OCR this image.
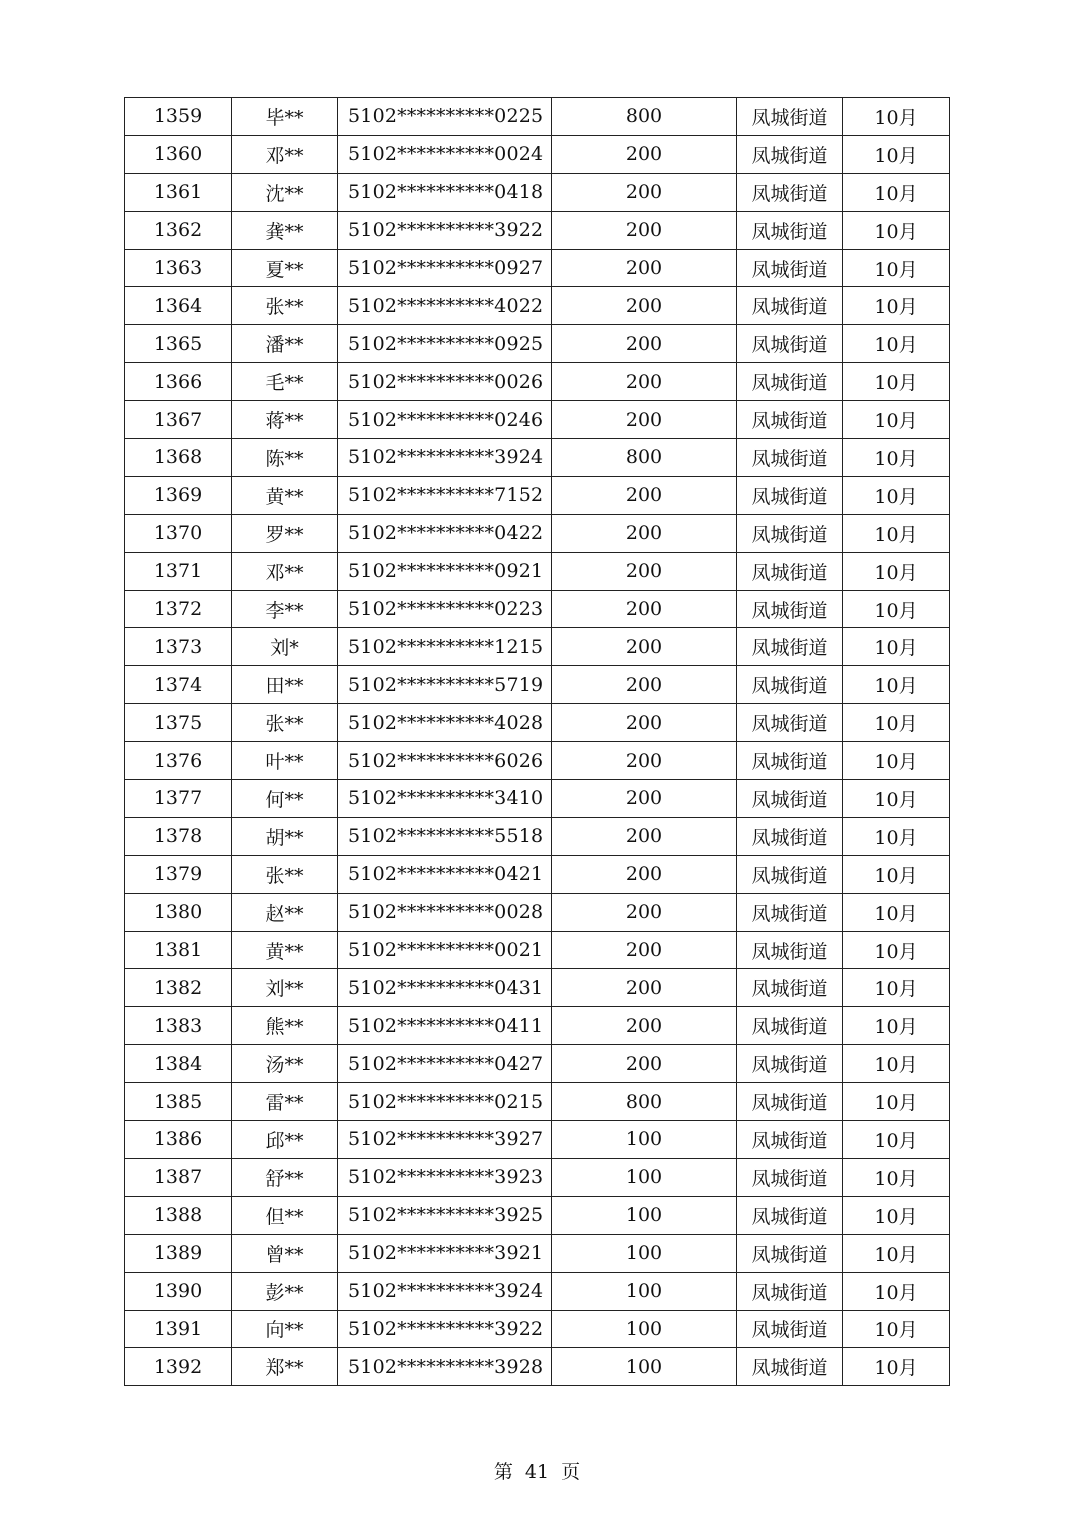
1359	毕**	5102**********0225	800	凤城街道	10月
1360	邓**	5102**********0024	200	凤城街道	10月
1361	沈**	5102**********0418	200	凤城街道	10月
1362	龚**	5102**********3922	200	凤城街道	10月
1363	夏**	5102**********0927	200	凤城街道	10月
1364	张**	5102**********4022	200	凤城街道	10月
1365	潘**	5102**********0925	200	凤城街道	10月
1366	毛**	5102**********0026	200	凤城街道	10月
1367	蒋**	5102**********0246	200	凤城街道	10月
1368	陈**	5102**********3924	800	凤城街道	10月
1369	黄**	5102**********7152	200	凤城街道	10月
1370	罗**	5102**********0422	200	凤城街道	10月
1371	邓**	5102**********0921	200	凤城街道	10月
1372	李**	5102**********0223	200	凤城街道	10月
1373	刘*	5102**********1215	200	凤城街道	10月
1374	田**	5102**********5719	200	凤城街道	10月
1375	张**	5102**********4028	200	凤城街道	10月
1376	叶**	5102**********6026	200	凤城街道	10月
1377	何**	5102**********3410	200	凤城街道	10月
1378	胡**	5102**********5518	200	凤城街道	10月
1379	张**	5102**********0421	200	凤城街道	10月
1380	赵**	5102**********0028	200	凤城街道	10月
1381	黄**	5102**********0021	200	凤城街道	10月
1382	刘**	5102**********0431	200	凤城街道	10月
1383	熊**	5102**********0411	200	凤城街道	10月
1384	汤**	5102**********0427	200	凤城街道	10月
1385	雷**	5102**********0215	800	凤城街道	10月
1386	邱**	5102**********3927	100	凤城街道	10月
1387	舒**	5102**********3923	100	凤城街道	10月
1388	但**	5102**********3925	100	凤城街道	10月
1389	曾**	5102**********3921	100	凤城街道	10月
1390	彭**	5102**********3924	100	凤城街道	10月
1391	向**	5102**********3922	100	凤城街道	10月
1392	郑**	5102**********3928	100	凤城街道	10月
第 41 页
